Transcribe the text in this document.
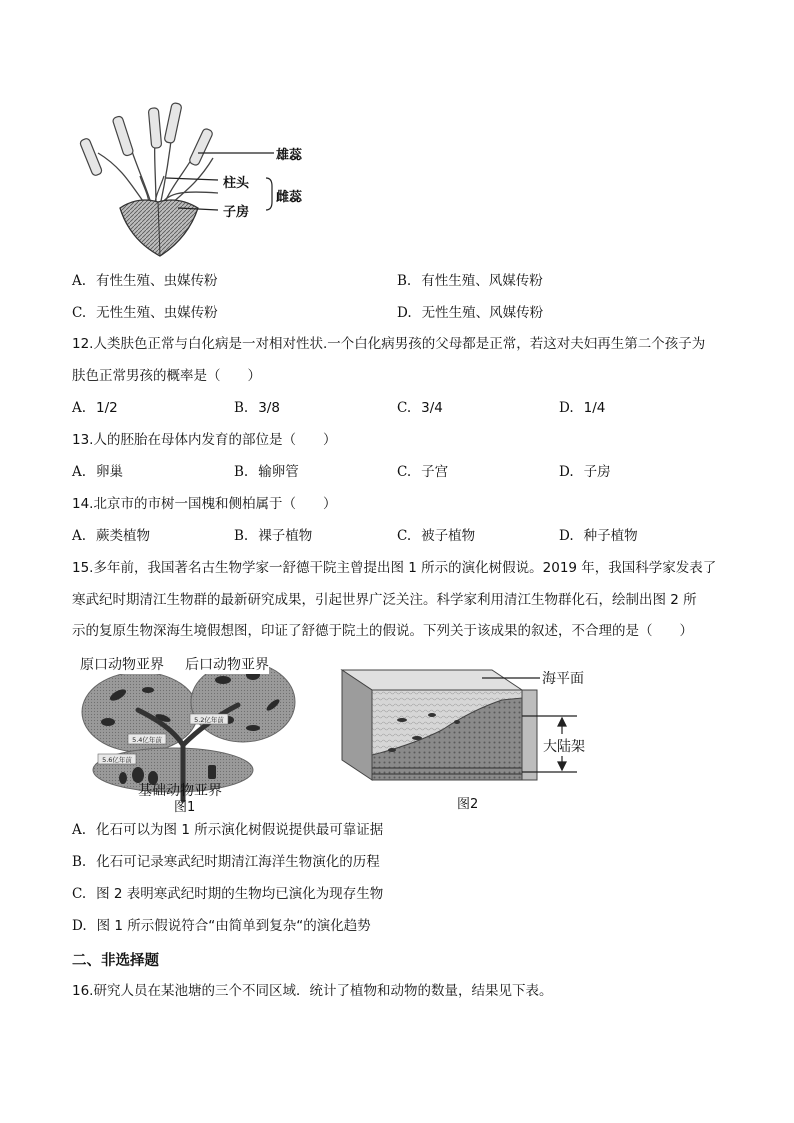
雄蕊
柱头
子房
雌蕊
A. 有性生殖、虫媒传粉	B. 有性生殖、风媒传粉
C. 无性生殖、虫媒传粉	D. 无性生殖、风媒传粉
12.人类肤色正常与白化病是一对相对性状.一个白化病男孩的父母都是正常，若这对夫妇再生第二个孩子为
肤色正常男孩的概率是（　　）
A. 1/2	B. 3/8	C. 3/4	D. 1/4
13.人的胚胎在母体内发育的部位是（　　）
A. 卵巢	B. 输卵管	C. 子宫	D. 子房
14.北京市的市树一国槐和侧柏属于（　　）
A. 蕨类植物	B. 裸子植物	C. 被子植物	D. 种子植物
15.多年前，我国著名古生物学家一舒德干院主曾提出图 1 所示的演化树假说。2019 年，我国科学家发表了
寒武纪时期清江生物群的最新研究成果，引起世界广泛关注。科学家利用清江生物群化石，绘制出图 2 所
示的复原生物深海生境假想图，印证了舒德于院土的假说。下列关于该成果的叙述，不合理的是（　　）
5.4亿年前
5.2亿年前
5.6亿年前
原口动物亚界 后口动物亚界
基础动物亚界
图1
海平面
大陆架
图2
A. 化石可以为图 1 所示演化树假说提供最可靠证据
B. 化石可记录寒武纪时期清江海洋生物演化的历程
C. 图 2 表明寒武纪时期的生物均已演化为现存生物
D. 图 1 所示假说符合“由简单到复杂“的演化趋势
二、非选择题
16.研究人员在某池塘的三个不同区域．统计了植物和动物的数量，结果见下表。
